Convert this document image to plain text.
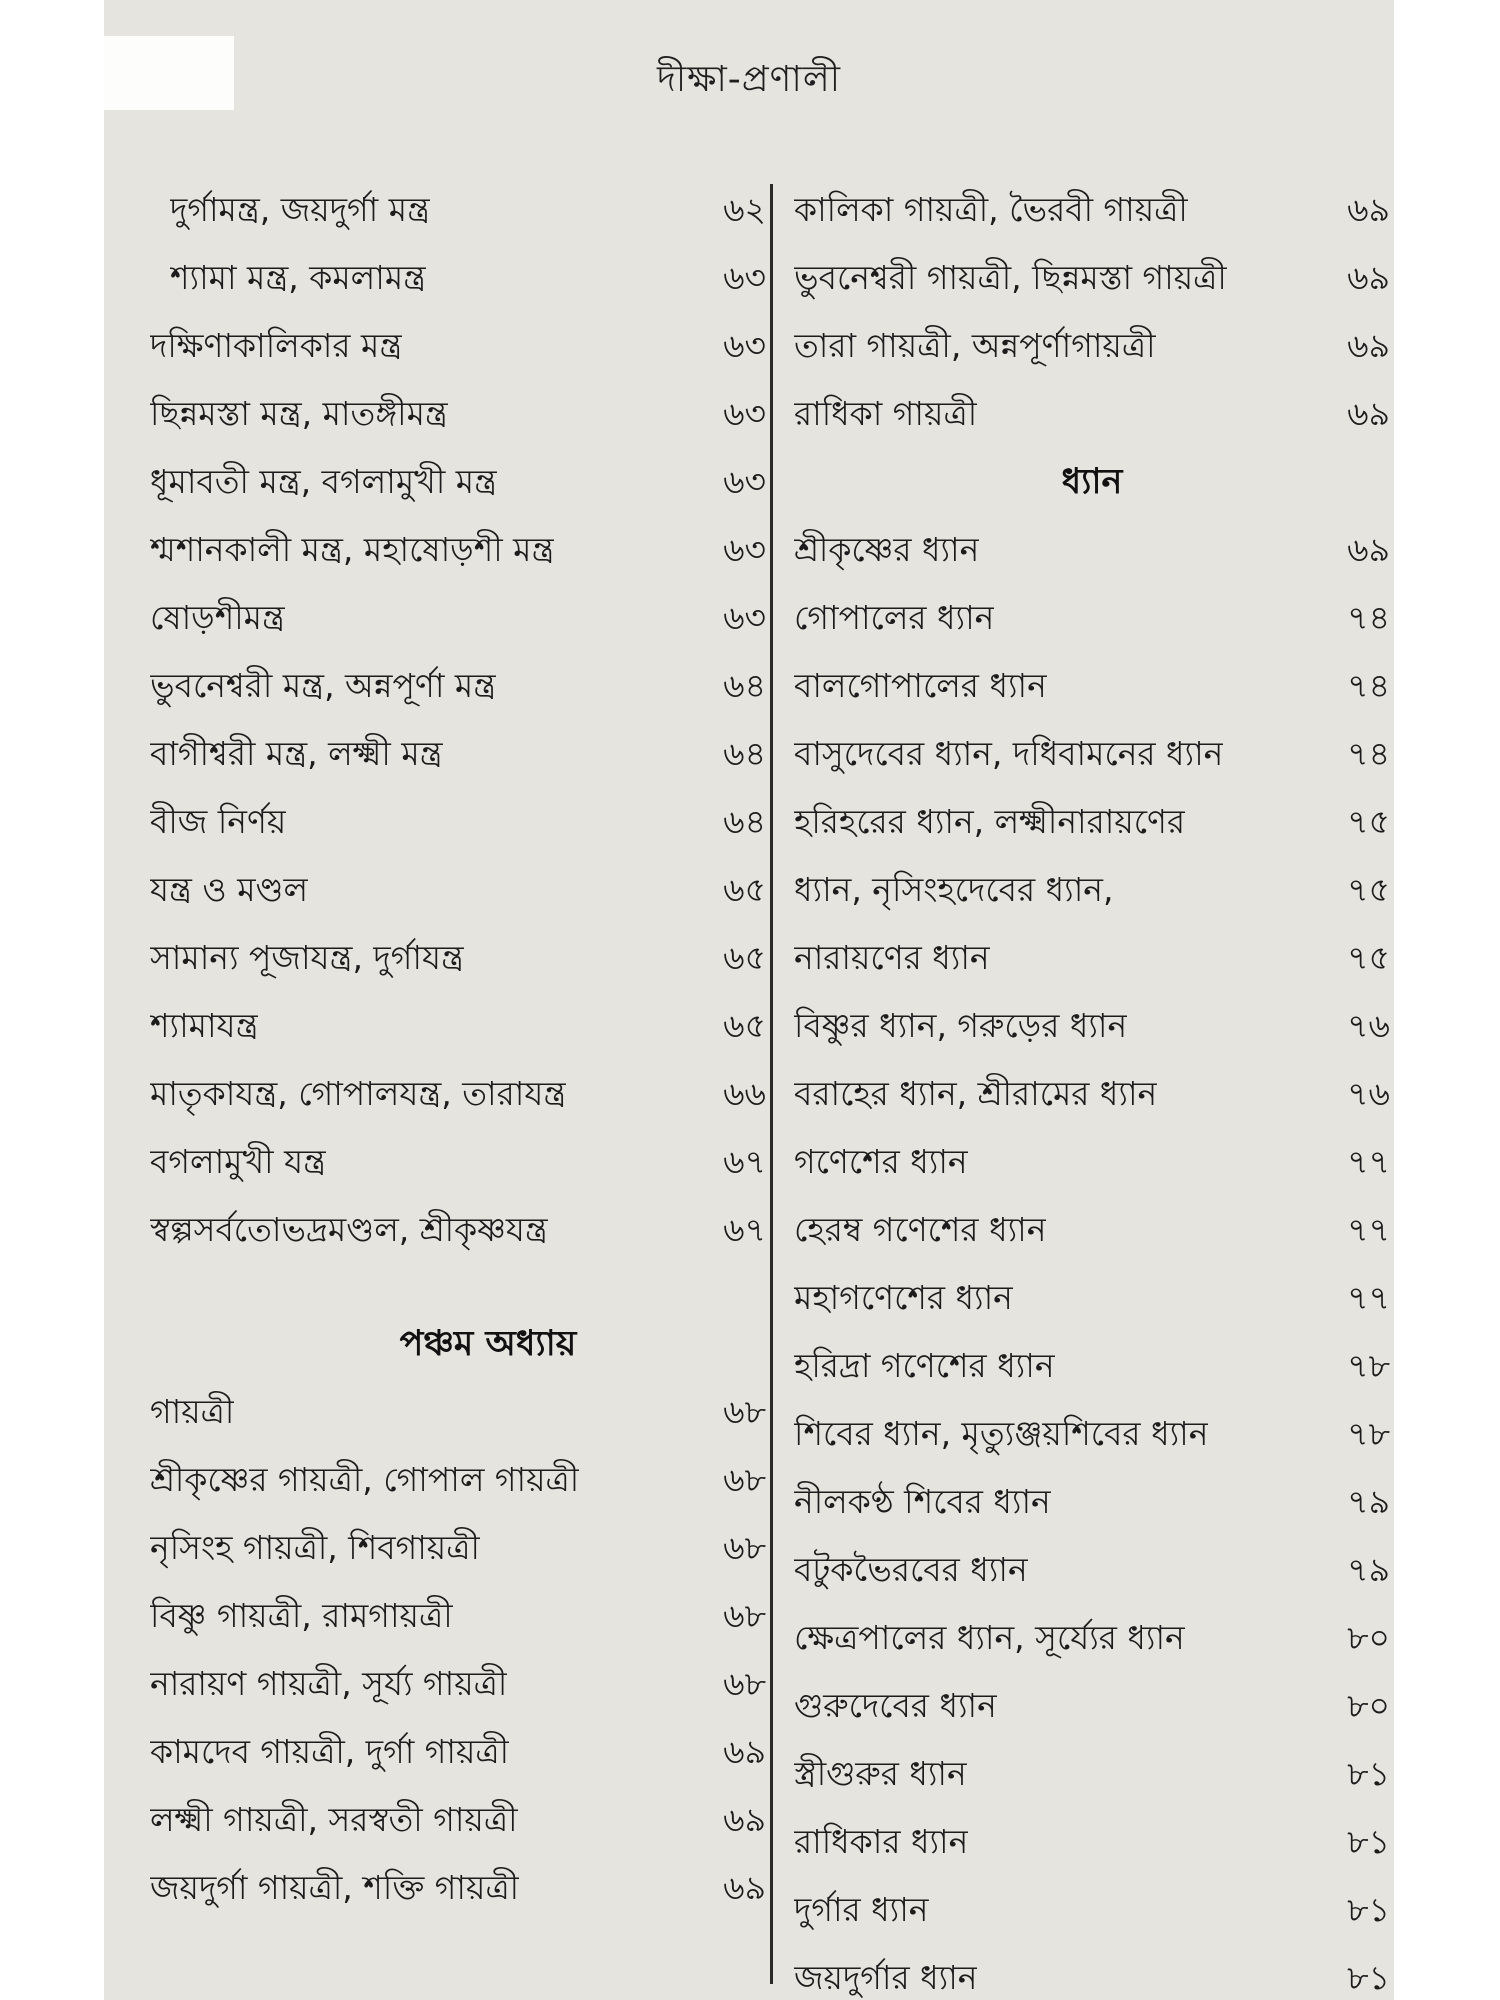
দীক্ষা-প্রণালী
দুর্গামন্ত্র, জয়দুর্গা মন্ত্র	৬২
শ্যামা মন্ত্র, কমলামন্ত্র	৬৩
দক্ষিণাকালিকার মন্ত্র	৬৩
ছিন্নমস্তা মন্ত্র, মাতঙ্গীমন্ত্র	৬৩
ধূমাবতী মন্ত্র, বগলামুখী মন্ত্র	৬৩
শ্মশানকালী মন্ত্র, মহাষোড়শী মন্ত্র	৬৩
ষোড়শীমন্ত্র	৬৩
ভুবনেশ্বরী মন্ত্র, অন্নপূর্ণা মন্ত্র	৬৪
বাগীশ্বরী মন্ত্র, লক্ষ্মী মন্ত্র	৬৪
বীজ নির্ণয়	৬৪
যন্ত্র ও মণ্ডল	৬৫
সামান্য পূজাযন্ত্র, দুর্গাযন্ত্র	৬৫
শ্যামাযন্ত্র	৬৫
মাতৃকাযন্ত্র, গোপালযন্ত্র, তারাযন্ত্র	৬৬
বগলামুখী যন্ত্র	৬৭
স্বল্পসর্বতোভদ্রমণ্ডল, শ্রীকৃষ্ণযন্ত্র	৬৭
পঞ্চম অধ্যায়
গায়ত্রী	৬৮
শ্রীকৃষ্ণের গায়ত্রী, গোপাল গায়ত্রী	৬৮
নৃসিংহ গায়ত্রী, শিবগায়ত্রী	৬৮
বিষ্ণু গায়ত্রী, রামগায়ত্রী	৬৮
নারায়ণ গায়ত্রী, সূর্য্য গায়ত্রী	৬৮
কামদেব গায়ত্রী, দুর্গা গায়ত্রী	৬৯
লক্ষ্মী গায়ত্রী, সরস্বতী গায়ত্রী	৬৯
জয়দুর্গা গায়ত্রী, শক্তি গায়ত্রী	৬৯
কালিকা গায়ত্রী, ভৈরবী গায়ত্রী	৬৯
ভুবনেশ্বরী গায়ত্রী, ছিন্নমস্তা গায়ত্রী	৬৯
তারা গায়ত্রী, অন্নপূর্ণাগায়ত্রী	৬৯
রাধিকা গায়ত্রী	৬৯
ধ্যান
শ্রীকৃষ্ণের ধ্যান	৬৯
গোপালের ধ্যান	৭৪
বালগোপালের ধ্যান	৭৪
বাসুদেবের ধ্যান, দধিবামনের ধ্যান	৭৪
হরিহরের ধ্যান, লক্ষ্মীনারায়ণের	৭৫
ধ্যান, নৃসিংহদেবের ধ্যান,	৭৫
নারায়ণের ধ্যান	৭৫
বিষ্ণুর ধ্যান, গরুড়ের ধ্যান	৭৬
বরাহের ধ্যান, শ্রীরামের ধ্যান	৭৬
গণেশের ধ্যান	৭৭
হেরম্ব গণেশের ধ্যান	৭৭
মহাগণেশের ধ্যান	৭৭
হরিদ্রা গণেশের ধ্যান	৭৮
শিবের ধ্যান, মৃত্যুঞ্জয়শিবের ধ্যান	৭৮
নীলকণ্ঠ শিবের ধ্যান	৭৯
বটুকভৈরবের ধ্যান	৭৯
ক্ষেত্রপালের ধ্যান, সূর্য্যের ধ্যান	৮০
গুরুদেবের ধ্যান	৮০
স্ত্রীগুরুর ধ্যান	৮১
রাধিকার ধ্যান	৮১
দুর্গার ধ্যান	৮১
জয়দুর্গার ধ্যান	৮১
